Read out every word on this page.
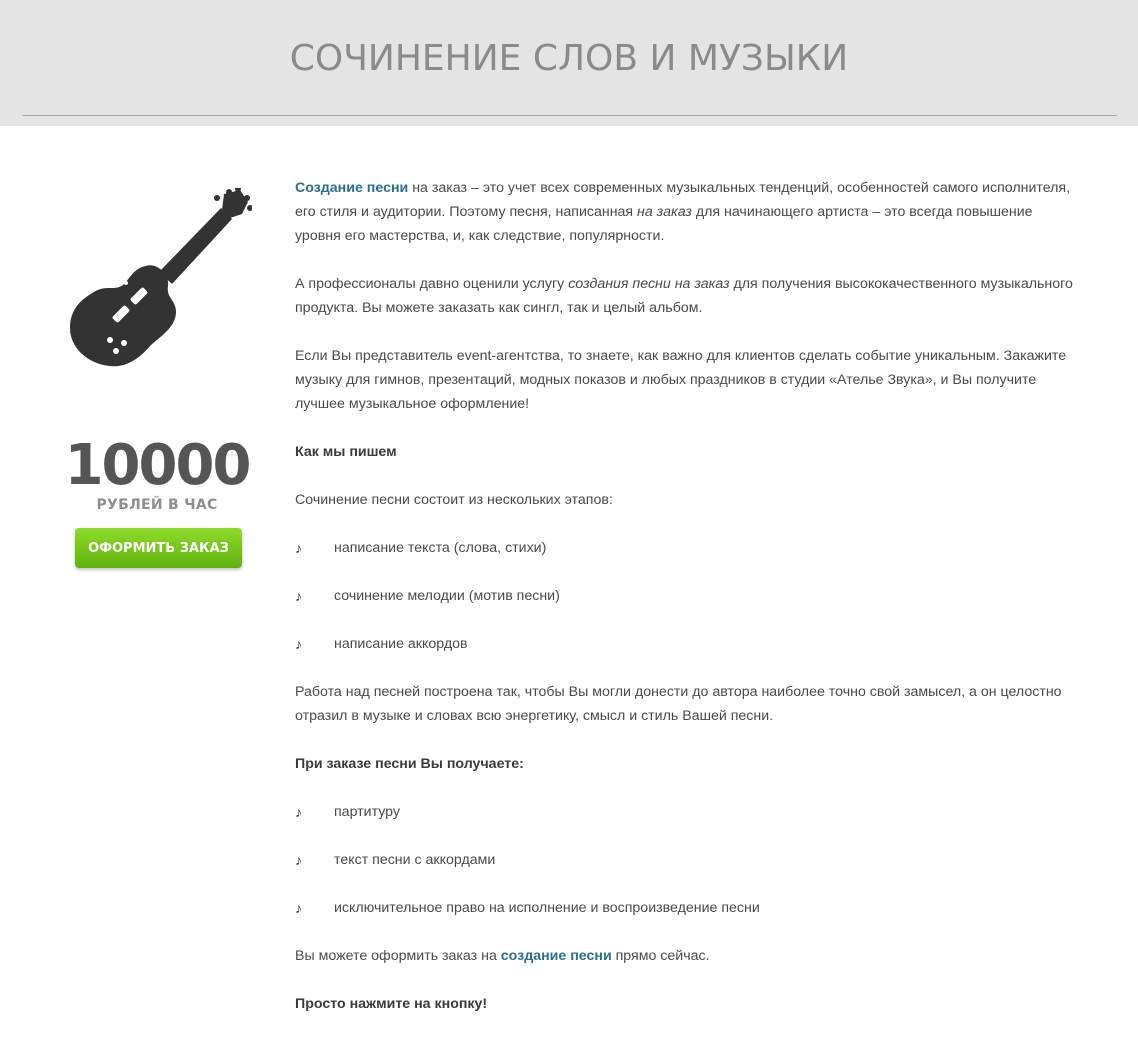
СОЧИНЕНИЕ СЛОВ И МУЗЫКИ
10000
РУБЛЕЙ В ЧАС
ОФОРМИТЬ ЗАКАЗ

Создание песни на заказ – это учет всех современных музыкальных тенденций, особенностей самого исполнителя, его стиля и аудитории. Поэтому песня, написанная на заказ для начинающего артиста – это всегда повышение уровня его мастерства, и, как следствие, популярности.

А профессионалы давно оценили услугу создания песни на заказ для получения высококачественного музыкального продукта. Вы можете заказать как сингл, так и целый альбом.

Если Вы представитель event-агентства, то знаете, как важно для клиентов сделать событие уникальным. Закажите музыку для гимнов, презентаций, модных показов и любых праздников в студии «Ателье Звука», и Вы получите лучшее музыкальное оформление!

Как мы пишем

Сочинение песни состоит из нескольких этапов:

♪ написание текста (слова, стихи)
♪ сочинение мелодии (мотив песни)
♪ написание аккордов

Работа над песней построена так, чтобы Вы могли донести до автора наиболее точно свой замысел, а он целостно отразил в музыке и словах всю энергетику, смысл и стиль Вашей песни.

При заказе песни Вы получаете:

♪ партитуру
♪ текст песни с аккордами
♪ исключительное право на исполнение и воспроизведение песни

Вы можете оформить заказ на создание песни прямо сейчас.

Просто нажмите на кнопку!
